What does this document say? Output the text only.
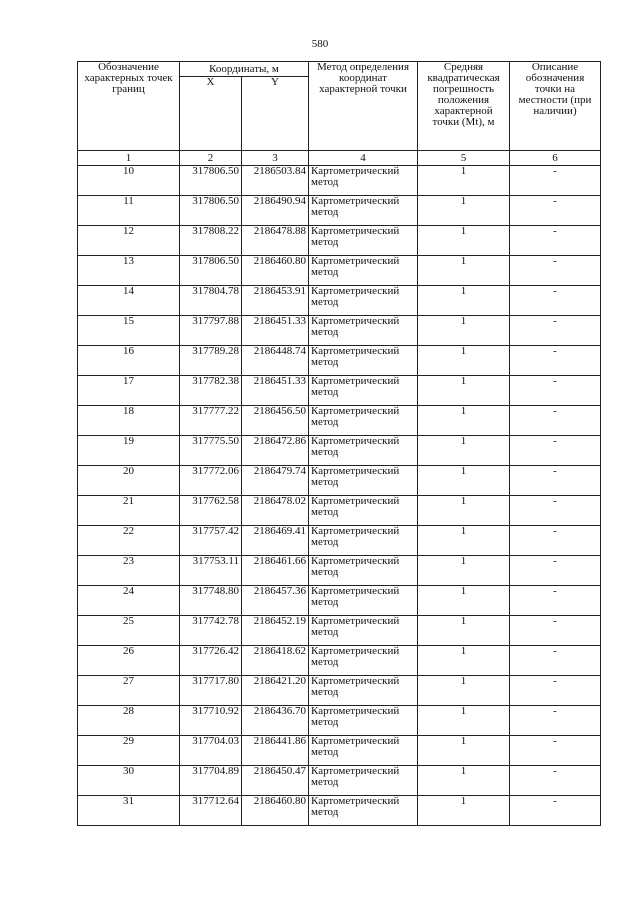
580
Обозначение характерных точек границ	Координаты, м		Метод определения координат характерной точки	Средняя квадратическая погрешность положения характерной точки (Mt), м	Описание обозначения точки на местности (при наличии)
	X	Y			
1	2	3	4	5	6
10	317806.50	2186503.84	Картометрический метод	1	-
11	317806.50	2186490.94	Картометрический метод	1	-
12	317808.22	2186478.88	Картометрический метод	1	-
13	317806.50	2186460.80	Картометрический метод	1	-
14	317804.78	2186453.91	Картометрический метод	1	-
15	317797.88	2186451.33	Картометрический метод	1	-
16	317789.28	2186448.74	Картометрический метод	1	-
17	317782.38	2186451.33	Картометрический метод	1	-
18	317777.22	2186456.50	Картометрический метод	1	-
19	317775.50	2186472.86	Картометрический метод	1	-
20	317772.06	2186479.74	Картометрический метод	1	-
21	317762.58	2186478.02	Картометрический метод	1	-
22	317757.42	2186469.41	Картометрический метод	1	-
23	317753.11	2186461.66	Картометрический метод	1	-
24	317748.80	2186457.36	Картометрический метод	1	-
25	317742.78	2186452.19	Картометрический метод	1	-
26	317726.42	2186418.62	Картометрический метод	1	-
27	317717.80	2186421.20	Картометрический метод	1	-
28	317710.92	2186436.70	Картометрический метод	1	-
29	317704.03	2186441.86	Картометрический метод	1	-
30	317704.89	2186450.47	Картометрический метод	1	-
31	317712.64	2186460.80	Картометрический метод	1	-
